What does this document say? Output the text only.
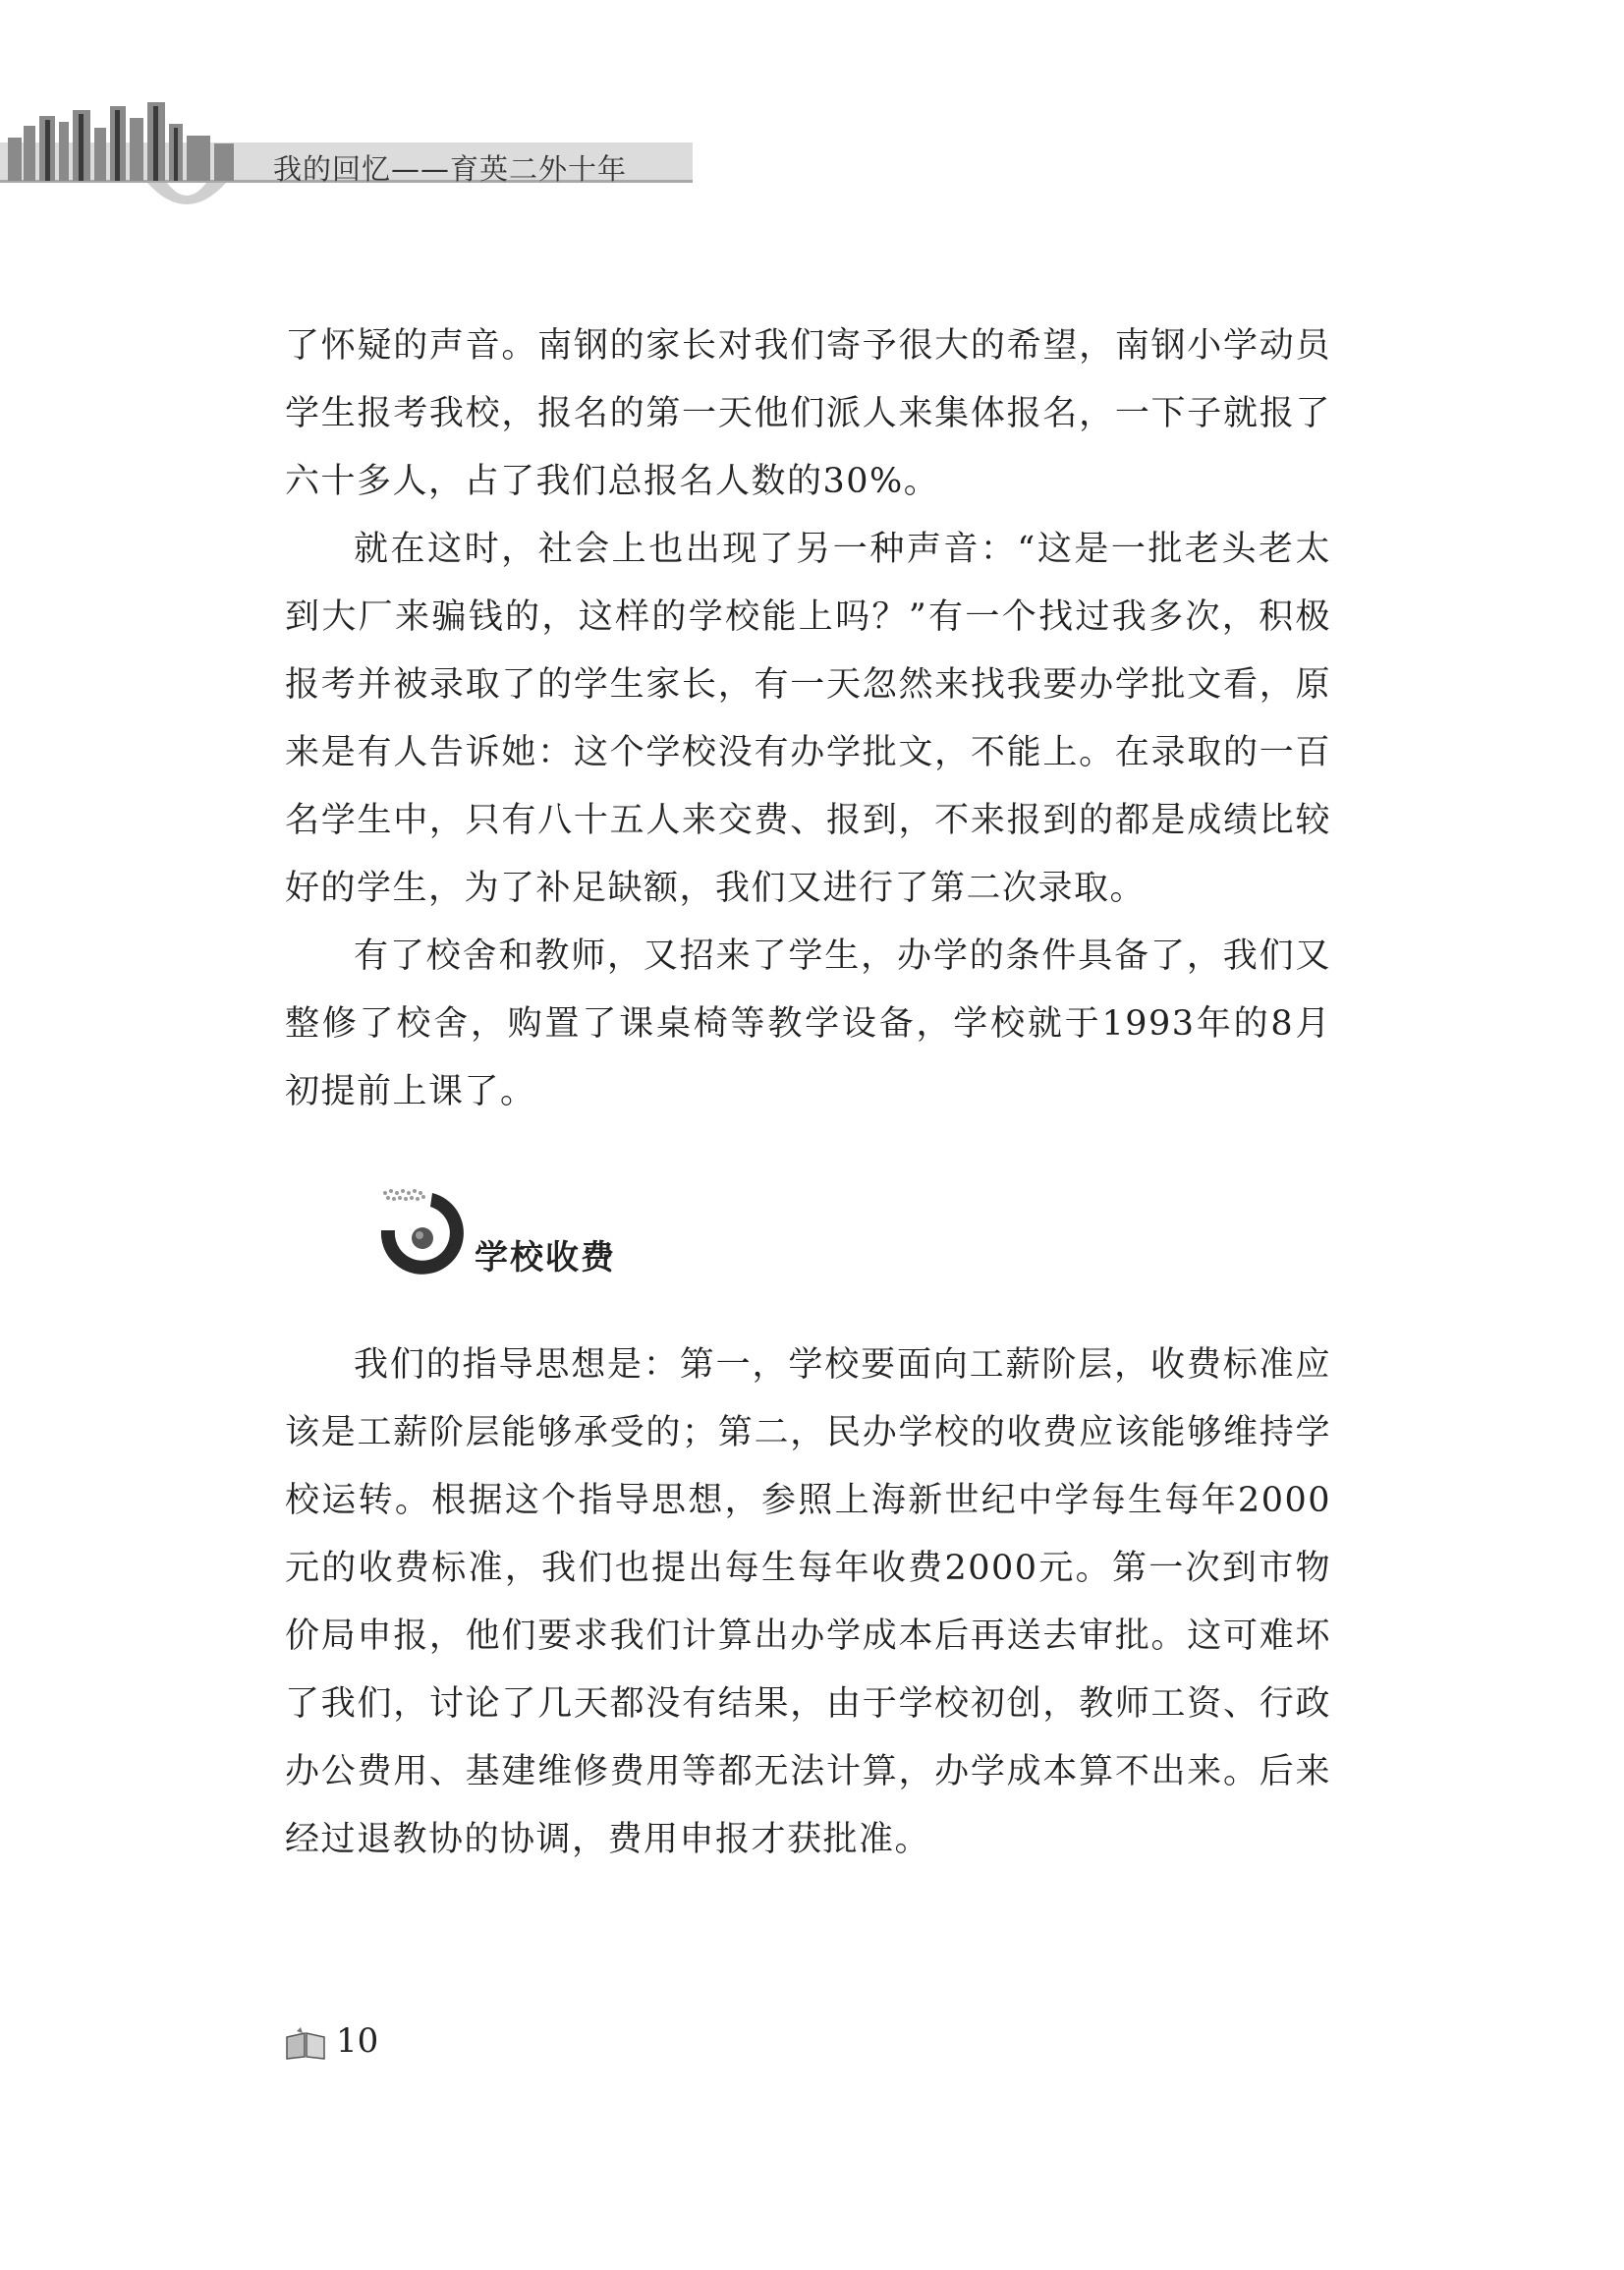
我的回忆——育英二外十年

了怀疑的声音。南钢的家长对我们寄予很大的希望，南钢小学动员学生报考我校，报名的第一天他们派人来集体报名，一下子就报了六十多人，占了我们总报名人数的30%。

就在这时，社会上也出现了另一种声音：“这是一批老头老太到大厂来骗钱的，这样的学校能上吗？”有一个找过我多次，积极报考并被录取了的学生家长，有一天忽然来找我要办学批文看，原来是有人告诉她：这个学校没有办学批文，不能上。在录取的一百名学生中，只有八十五人来交费、报到，不来报到的都是成绩比较好的学生，为了补足缺额，我们又进行了第二次录取。

有了校舍和教师，又招来了学生，办学的条件具备了，我们又整修了校舍，购置了课桌椅等教学设备，学校就于1993年的8月初提前上课了。

学校收费

我们的指导思想是：第一，学校要面向工薪阶层，收费标准应该是工薪阶层能够承受的；第二，民办学校的收费应该能够维持学校运转。根据这个指导思想，参照上海新世纪中学每生每年2000元的收费标准，我们也提出每生每年收费2000元。第一次到市物价局申报，他们要求我们计算出办学成本后再送去审批。这可难坏了我们，讨论了几天都没有结果，由于学校初创，教师工资、行政办公费用、基建维修费用等都无法计算，办学成本算不出来。后来经过退教协的协调，费用申报才获批准。

10
